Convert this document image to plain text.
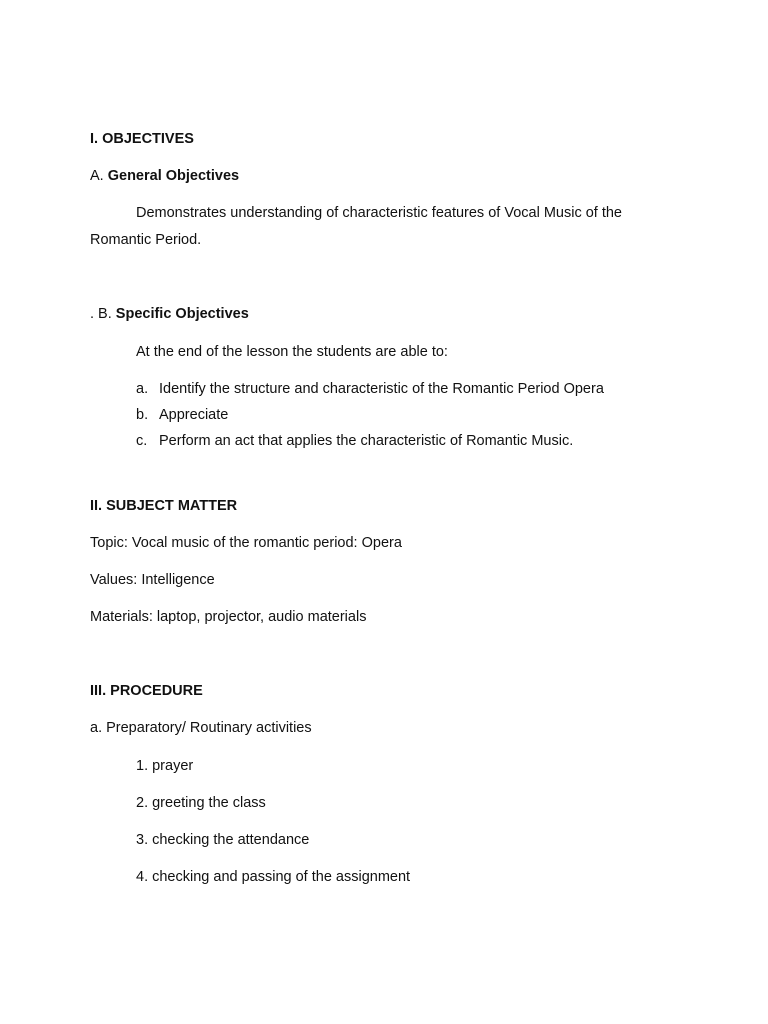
I. OBJECTIVES
A. General Objectives
Demonstrates understanding of characteristic features of Vocal Music of the
Romantic Period.
. B. Specific Objectives
At the end of the lesson the students are able to:
a. Identify the structure and characteristic of the Romantic Period Opera
b. Appreciate
c. Perform an act that applies the characteristic of Romantic Music.
II. SUBJECT MATTER
Topic: Vocal music of the romantic period: Opera
Values: Intelligence
Materials: laptop, projector, audio materials
III. PROCEDURE
a. Preparatory/ Routinary activities
1. prayer
2. greeting the class
3. checking the attendance
4. checking and passing of the assignment
